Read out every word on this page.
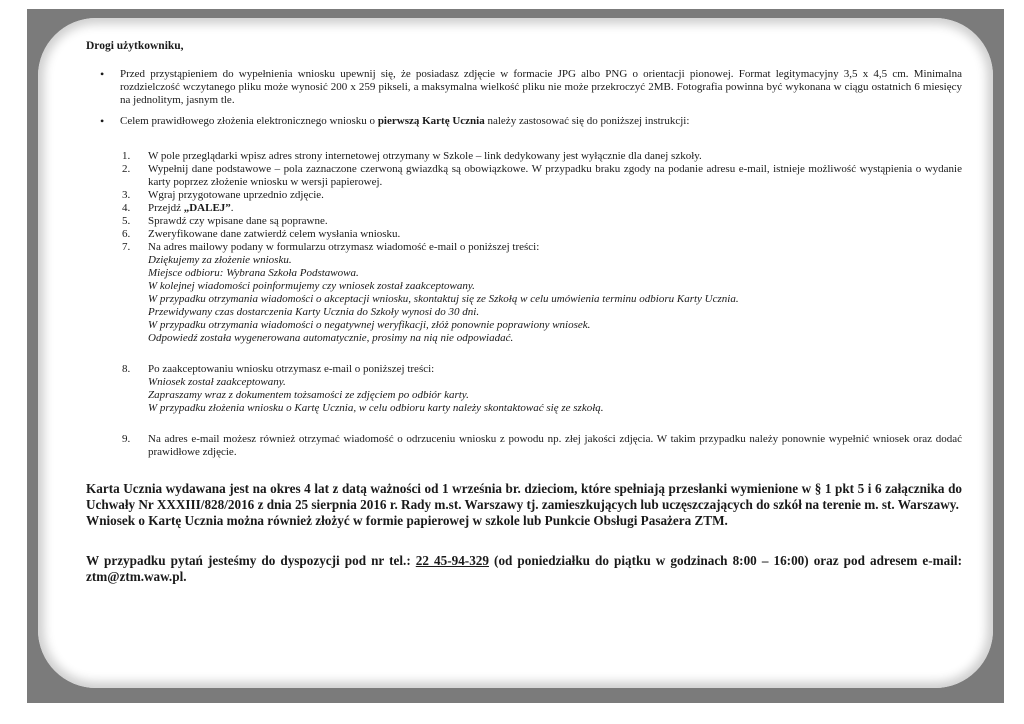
Drogi użytkowniku,
• Przed przystąpieniem do wypełnienia wniosku upewnij się, że posiadasz zdjęcie w formacie JPG albo PNG o orientacji pionowej. Format legitymacyjny 3,5 x 4,5 cm. Minimalna rozdzielczość wczytanego pliku może wynosić 200 x 259 pikseli, a maksymalna wielkość pliku nie może przekroczyć 2MB. Fotografia powinna być wykonana w ciągu ostatnich 6 miesięcy na jednolitym, jasnym tle.
• Celem prawidłowego złożenia elektronicznego wniosku o pierwszą Kartę Ucznia należy zastosować się do poniższej instrukcji:
1. W pole przeglądarki wpisz adres strony internetowej otrzymany w Szkole – link dedykowany jest wyłącznie dla danej szkoły.
2. Wypełnij dane podstawowe – pola zaznaczone czerwoną gwiazdką są obowiązkowe. W przypadku braku zgody na podanie adresu e-mail, istnieje możliwość wystąpienia o wydanie karty poprzez złożenie wniosku w wersji papierowej.
3. Wgraj przygotowane uprzednio zdjęcie.
4. Przejdź „DALEJ”.
5. Sprawdź czy wpisane dane są poprawne.
6. Zweryfikowane dane zatwierdź celem wysłania wniosku.
7. Na adres mailowy podany w formularzu otrzymasz wiadomość e-mail o poniższej treści:
Dziękujemy za złożenie wniosku.
Miejsce odbioru: Wybrana Szkoła Podstawowa.
W kolejnej wiadomości poinformujemy czy wniosek został zaakceptowany.
W przypadku otrzymania wiadomości o akceptacji wniosku, skontaktuj się ze Szkołą w celu umówienia terminu odbioru Karty Ucznia.
Przewidywany czas dostarczenia Karty Ucznia do Szkoły wynosi do 30 dni.
W przypadku otrzymania wiadomości o negatywnej weryfikacji, złóż ponownie poprawiony wniosek.
Odpowiedź została wygenerowana automatycznie, prosimy na nią nie odpowiadać.
8. Po zaakceptowaniu wniosku otrzymasz e-mail o poniższej treści:
Wniosek został zaakceptowany.
Zapraszamy wraz z dokumentem tożsamości ze zdjęciem po odbiór karty.
W przypadku złożenia wniosku o Kartę Ucznia, w celu odbioru karty należy skontaktować się ze szkołą.
9. Na adres e-mail możesz również otrzymać wiadomość o odrzuceniu wniosku z powodu np. złej jakości zdjęcia. W takim przypadku należy ponownie wypełnić wniosek oraz dodać prawidłowe zdjęcie.

Karta Ucznia wydawana jest na okres 4 lat z datą ważności od 1 września br. dzieciom, które spełniają przesłanki wymienione w § 1 pkt 5 i 6 załącznika do Uchwały Nr XXXIII/828/2016 z dnia 25 sierpnia 2016 r. Rady m.st. Warszawy tj. zamieszkujących lub uczęszczających do szkół na terenie m. st. Warszawy.

Wniosek o Kartę Ucznia można również złożyć w formie papierowej w szkole lub Punkcie Obsługi Pasażera ZTM.

W przypadku pytań jesteśmy do dyspozycji pod nr tel.: 22 45-94-329 (od poniedziałku do piątku w godzinach 8:00 – 16:00) oraz pod adresem e-mail: ztm@ztm.waw.pl.
